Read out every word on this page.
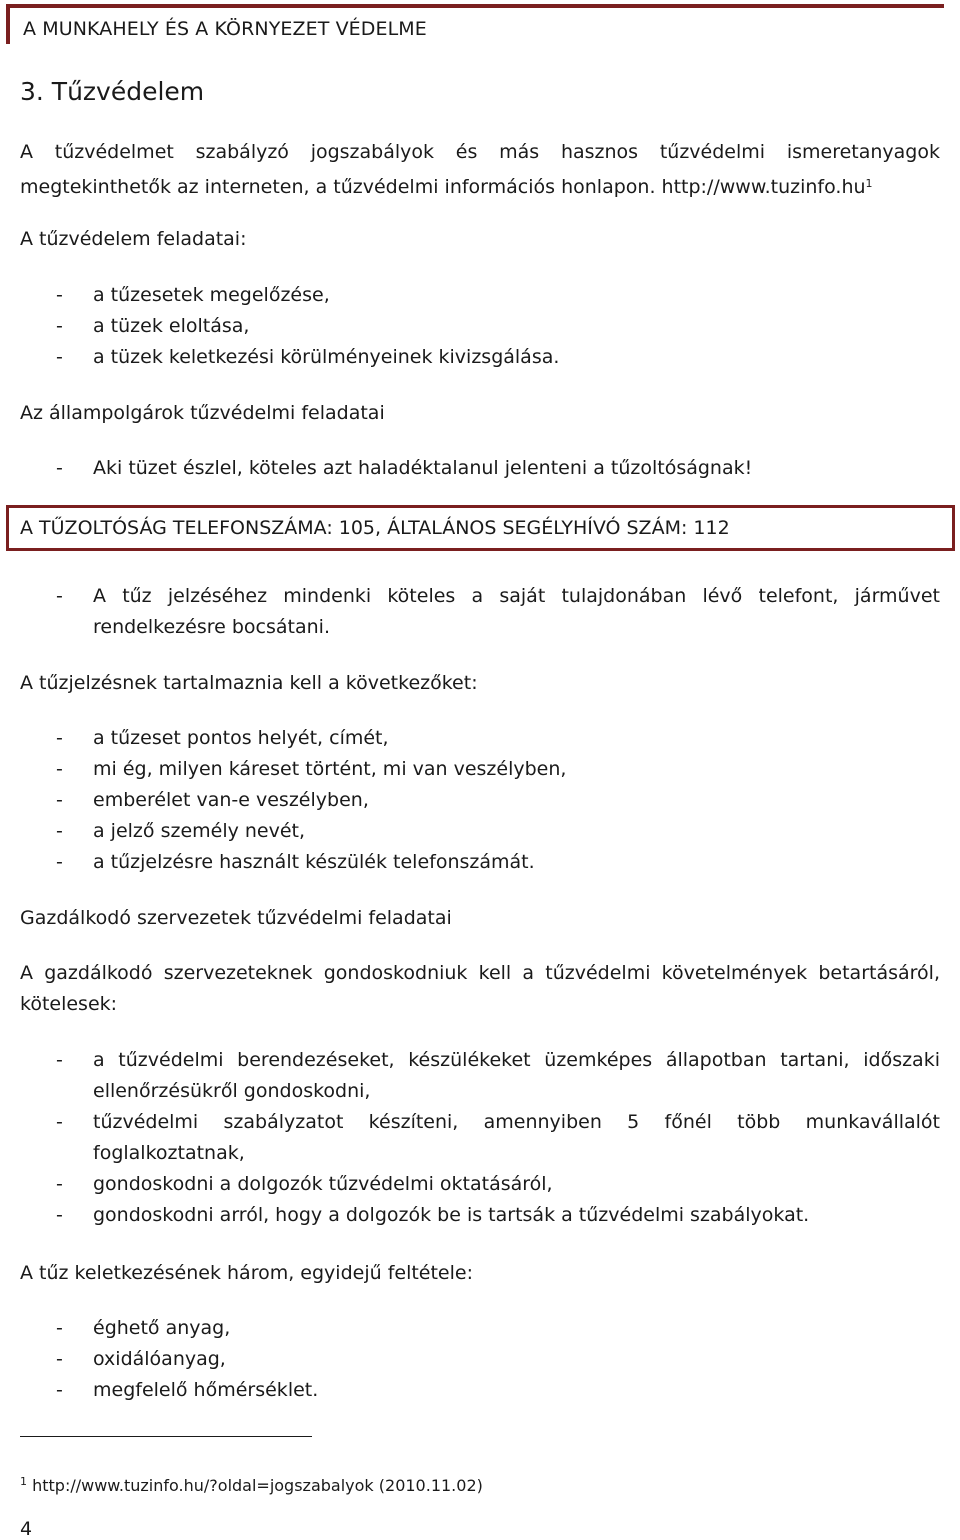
A MUNKAHELY ÉS A KÖRNYEZET VÉDELME
3. Tűzvédelem
A tűzvédelmet szabályzó jogszabályok és más hasznos tűzvédelmi ismeretanyagok
megtekinthetők az interneten, a tűzvédelmi információs honlapon. $http://www.tuzinfo.hu^1$
A tűzvédelem feladatai:
- a tűzesetek megelőzése,
- a tüzek eloltása,
- a tüzek keletkezési körülményeinek kivizsgálása.
Az állampolgárok tűzvédelmi feladatai
- Aki tüzet észlel, köteles azt haladéktalanul jelenteni a tűzoltóságnak!
A TŰZOLTÓSÁG TELEFONSZÁMA: 105, ÁLTALÁNOS SEGÉLYHÍVÓ SZÁM: 112
-	A tűz jelzéséhez mindenki köteles a saját tulajdonában lévő telefont, járművet
rendelkezésre bocsátani.
A tűzjelzésnek tartalmaznia kell a következőket:
- a tűzeset pontos helyét, címét,
- mi ég, milyen káreset történt, mi van veszélyben,
- emberélet van-e veszélyben,
- a jelző személy nevét,
- a tűzjelzésre használt készülék telefonszámát.
Gazdálkodó szervezetek tűzvédelmi feladatai
A gazdálkodó szervezeteknek gondoskodniuk kell a tűzvédelmi követelmények betartásáról,
kötelesek:
-	a tűzvédelmi berendezéseket, készülékeket üzemképes állapotban tartani, időszaki
ellenőrzésükről gondoskodni,
-	tűzvédelmi szabályzatot készíteni, amennyiben 5 főnél több munkavállalót
foglalkoztatnak,
- gondoskodni a dolgozók tűzvédelmi oktatásáról,
- gondoskodni arról, hogy a dolgozók be is tartsák a tűzvédelmi szabályokat.
A tűz keletkezésének három, egyidejű feltétele:
- éghető anyag,
- oxidálóanyag,
- megfelelő hőmérséklet.
$^1$ http://www.tuzinfo.hu/?oldal=jogszabalyok (2010.11.02)
4
